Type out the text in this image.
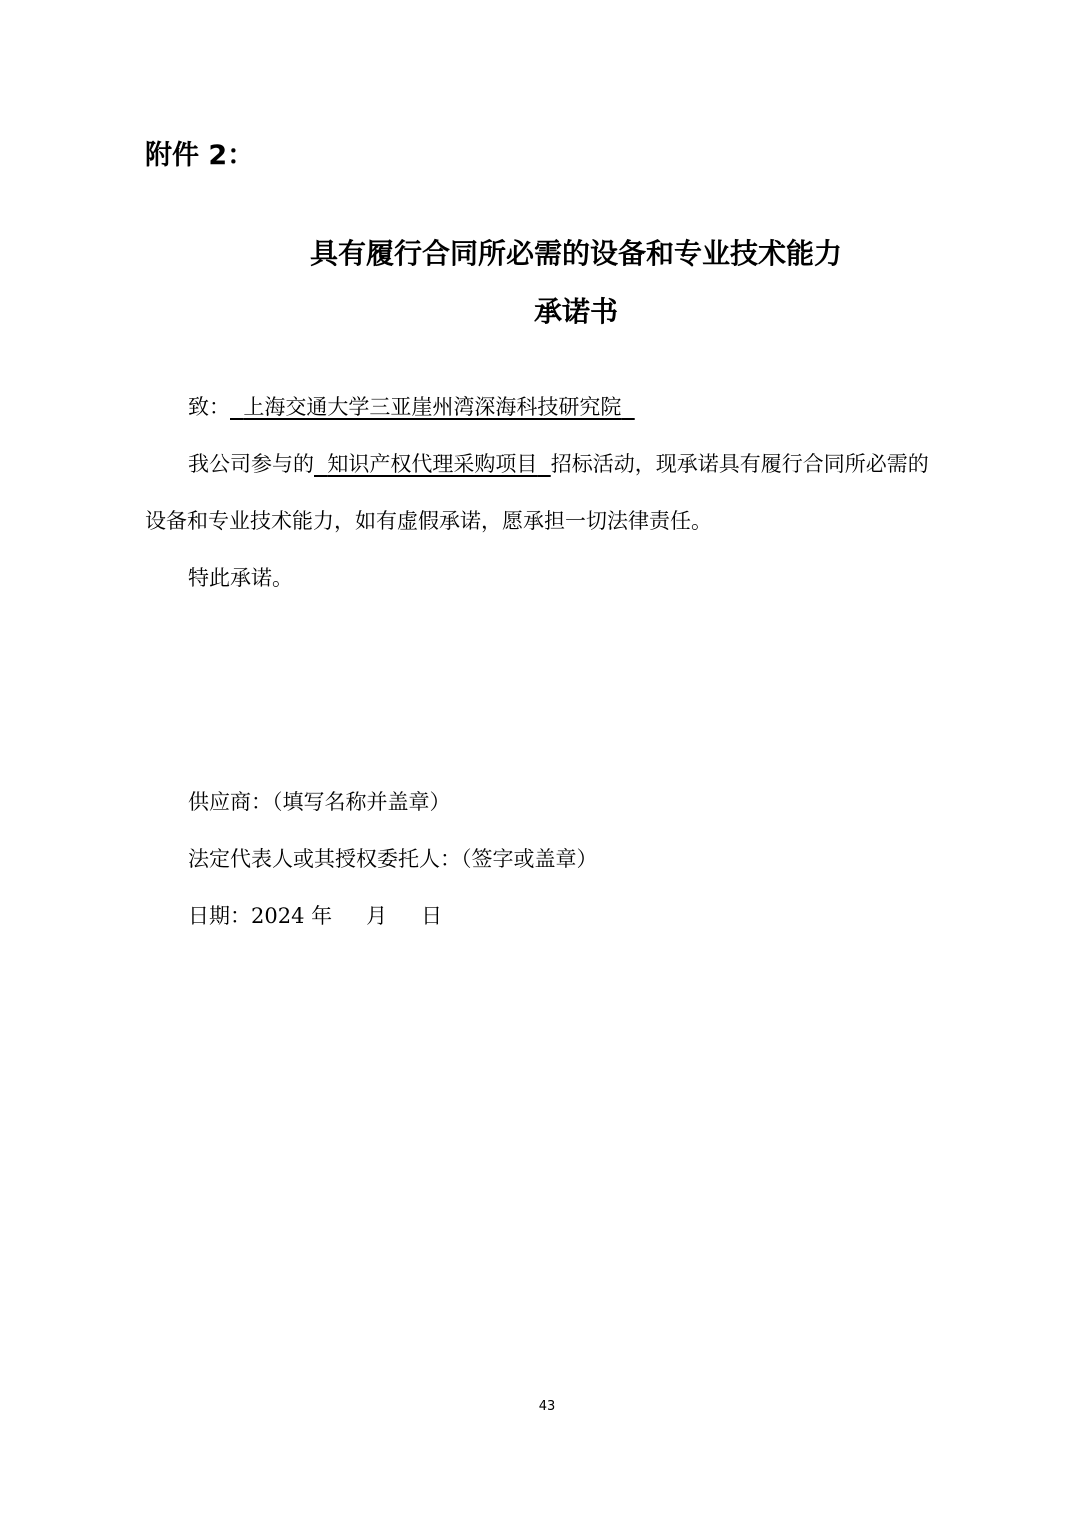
附件 2：
具有履行合同所必需的设备和专业技术能力
承诺书
致： 上海交通大学三亚崖州湾深海科技研究院
我公司参与的 知识产权代理采购项目 招标活动，现承诺具有履行合同所必需的
设备和专业技术能力，如有虚假承诺，愿承担一切法律责任。
特此承诺。
供应商：（填写名称并盖章）
法定代表人或其授权委托人：（签字或盖章）
日期：2024 年 月 日
43
